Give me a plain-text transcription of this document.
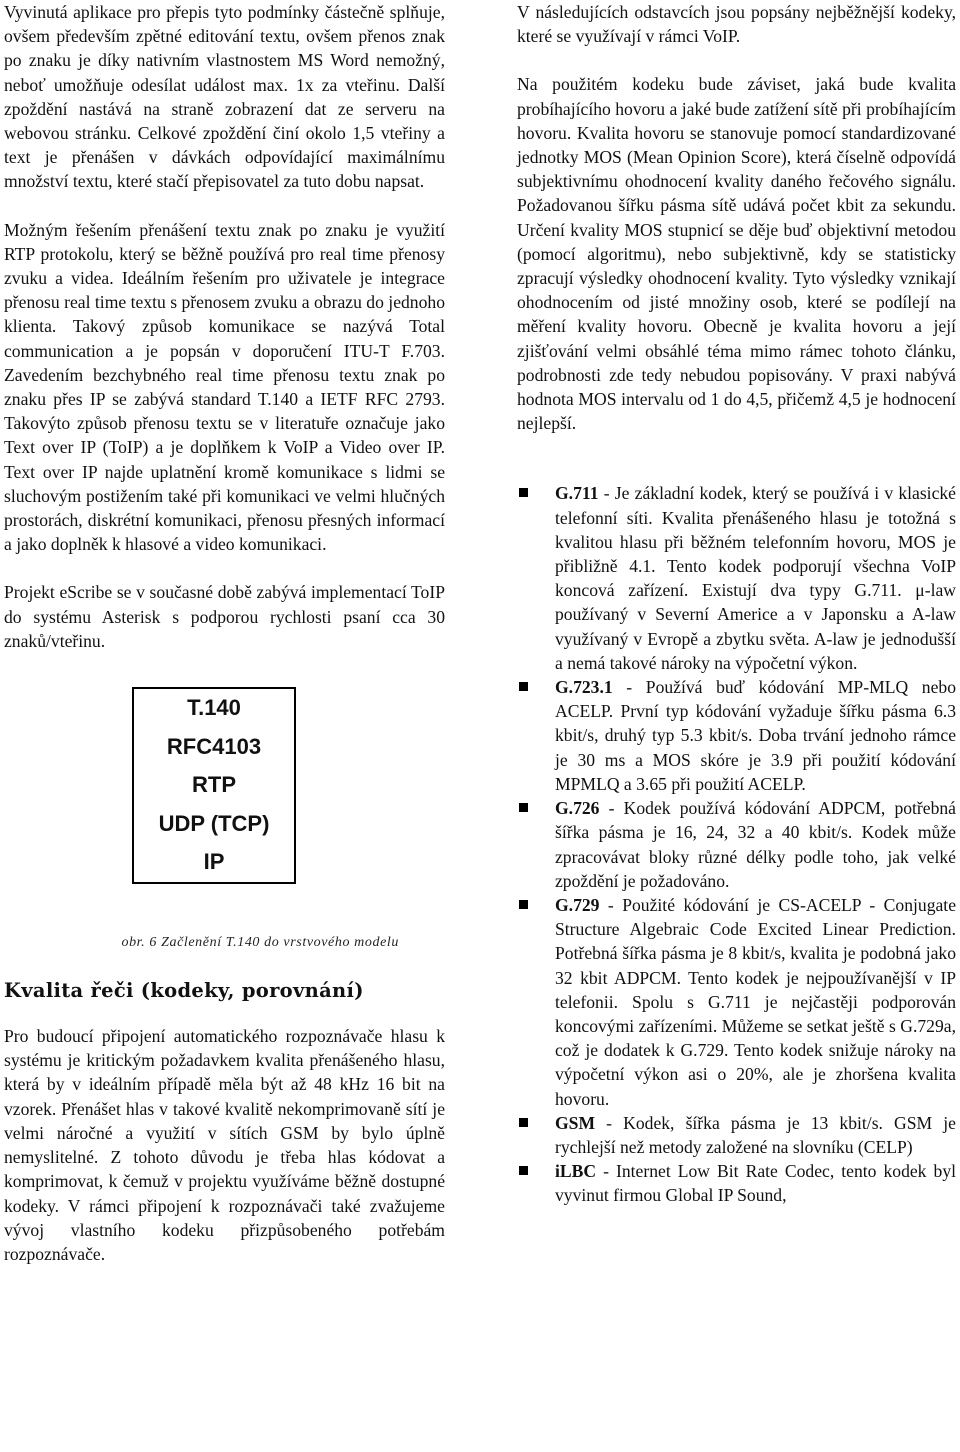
Vyvinutá aplikace pro přepis tyto podmínky částečně splňuje, ovšem především zpětné editování textu, ovšem přenos znak po znaku je díky nativním vlastnostem MS Word nemožný, neboť umožňuje odesílat událost max. 1x za vteřinu. Další zpoždění nastává na straně zobrazení dat ze serveru na webovou stránku. Celkové zpoždění činí okolo 1,5 vteřiny a text je přenášen v dávkách odpovídající maximálnímu množství textu, které stačí přepisovatel za tuto dobu napsat.

Možným řešením přenášení textu znak po znaku je využití RTP protokolu, který se běžně používá pro real time přenosy zvuku a videa. Ideálním řešením pro uživatele je integrace přenosu real time textu s přenosem zvuku a obrazu do jednoho klienta. Takový způsob komunikace se nazývá Total communication a je popsán v doporučení ITU-T F.703. Zavedením bezchybného real time přenosu textu znak po znaku přes IP se zabývá standard T.140 a IETF RFC 2793. Takovýto způsob přenosu textu se v literatuře označuje jako Text over IP (ToIP) a je doplňkem k VoIP a Video over IP. Text over IP najde uplatnění kromě komunikace s lidmi se sluchovým postižením také při komunikaci ve velmi hlučných prostorách, diskrétní komunikaci, přenosu přesných informací a jako doplněk k hlasové a video komunikaci.

Projekt eScribe se v současné době zabývá implementací ToIP do systému Asterisk s podporou rychlosti psaní cca 30 znaků/vteřinu.

T.140
RFC4103
RTP
UDP (TCP)
IP
obr. 6 Začlenění T.140 do vrstvového modelu
Kvalita řeči (kodeky, porovnání)

Pro budoucí připojení automatického rozpoznávače hlasu k systému je kritickým požadavkem kvalita přenášeného hlasu, která by v ideálním případě měla být až 48 kHz 16 bit na vzorek. Přenášet hlas v takové kvalitě nekomprimovaně sítí je velmi náročné a využití v sítích GSM by bylo úplně nemyslitelné. Z tohoto důvodu je třeba hlas kódovat a komprimovat, k čemuž v projektu využíváme běžně dostupné kodeky. V rámci připojení k rozpoznávači také zvažujeme vývoj vlastního kodeku přizpůsobeného potřebám rozpoznávače.

V následujících odstavcích jsou popsány nejběžnější kodeky, které se využívají v rámci VoIP.

Na použitém kodeku bude záviset, jaká bude kvalita probíhajícího hovoru a jaké bude zatížení sítě při probíhajícím hovoru. Kvalita hovoru se stanovuje pomocí standardizované jednotky MOS (Mean Opinion Score), která číselně odpovídá subjektivnímu ohodnocení kvality daného řečového signálu. Požadovanou šířku pásma sítě udává počet kbit za sekundu. Určení kvality MOS stupnicí se děje buď objektivní metodou (pomocí algoritmu), nebo subjektivně, kdy se statisticky zpracují výsledky ohodnocení kvality. Tyto výsledky vznikají ohodnocením od jisté množiny osob, které se podílejí na měření kvality hovoru. Obecně je kvalita hovoru a její zjišťování velmi obsáhlé téma mimo rámec tohoto článku, podrobnosti zde tedy nebudou popisovány. V praxi nabývá hodnota MOS intervalu od 1 do 4,5, přičemž 4,5 je hodnocení nejlepší.

G.711 - Je základní kodek, který se používá i v klasické telefonní síti. Kvalita přenášeného hlasu je totožná s kvalitou hlasu při běžném telefonním hovoru, MOS je přibližně 4.1. Tento kodek podporují všechna VoIP koncová zařízení. Existují dva typy G.711. μ-law používaný v Severní Americe a v Japonsku a A-law využívaný v Evropě a zbytku světa. A-law je jednodušší a nemá takové nároky na výpočetní výkon.

G.723.1 - Používá buď kódování MP-MLQ nebo ACELP. První typ kódování vyžaduje šířku pásma 6.3 kbit/s, druhý typ 5.3 kbit/s. Doba trvání jednoho rámce je 30 ms a MOS skóre je 3.9 při použití kódování MPMLQ a 3.65 při použití ACELP.

G.726 - Kodek používá kódování ADPCM, potřebná šířka pásma je 16, 24, 32 a 40 kbit/s. Kodek může zpracovávat bloky různé délky podle toho, jak velké zpoždění je požadováno.

G.729 - Použité kódování je CS-ACELP - Conjugate Structure Algebraic Code Excited Linear Prediction. Potřebná šířka pásma je 8 kbit/s, kvalita je podobná jako 32 kbit ADPCM. Tento kodek je nejpoužívanější v IP telefonii. Spolu s G.711 je nejčastěji podporován koncovými zařízeními. Můžeme se setkat ještě s G.729a, což je dodatek k G.729. Tento kodek snižuje nároky na výpočetní výkon asi o 20%, ale je zhoršena kvalita hovoru.

GSM - Kodek, šířka pásma je 13 kbit/s. GSM je rychlejší než metody založené na slovníku (CELP)

iLBC - Internet Low Bit Rate Codec, tento kodek byl vyvinut firmou Global IP Sound,
